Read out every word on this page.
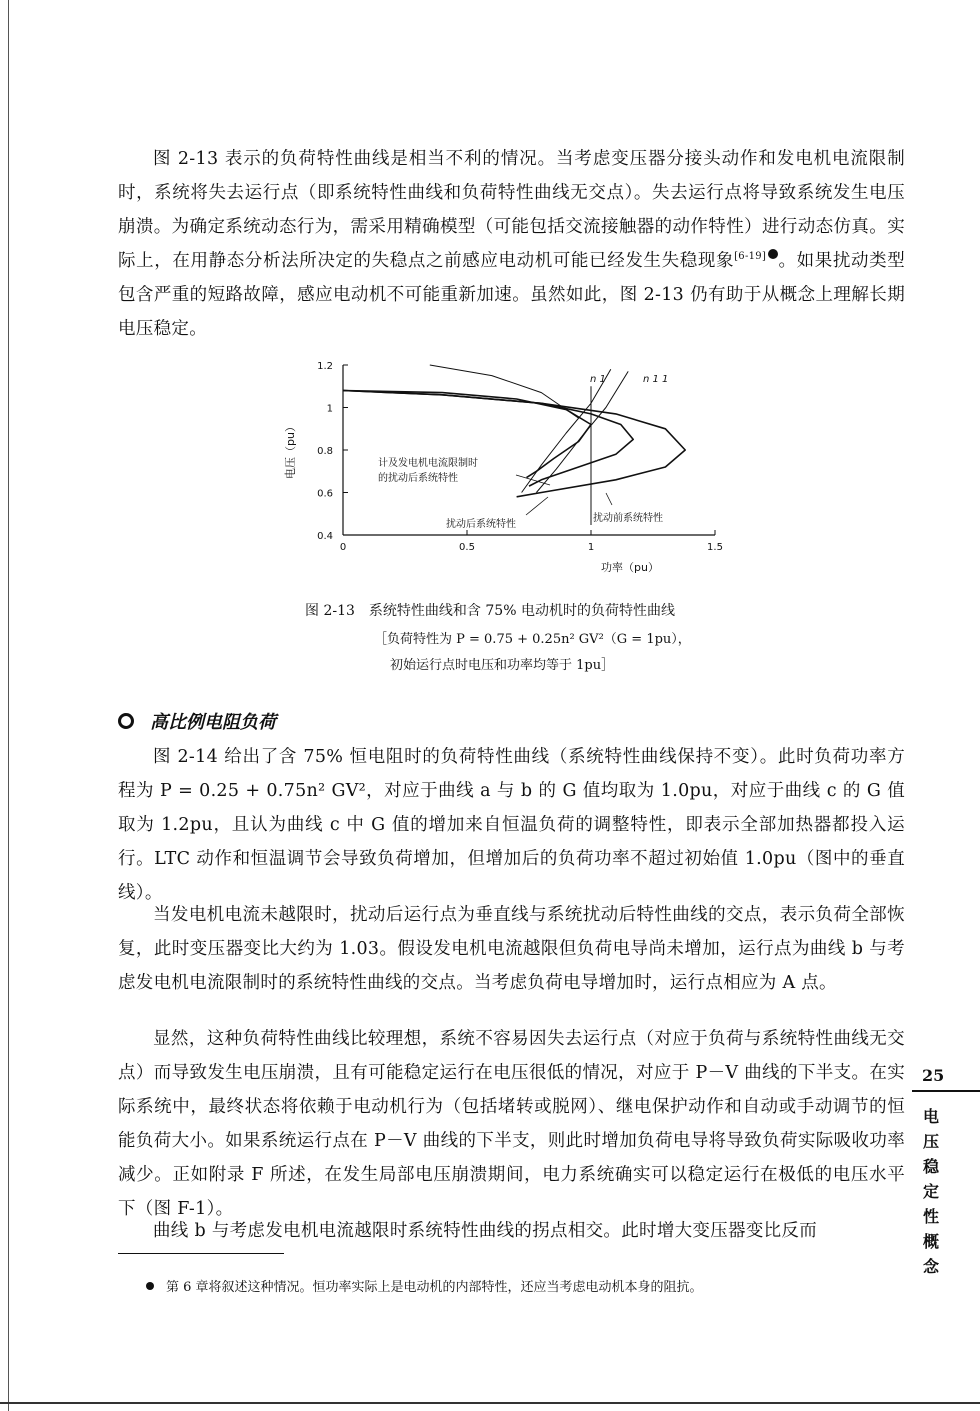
图 2-13 表示的负荷特性曲线是相当不利的情况。当考虑变压器分接头动作和发电机电流限制时，系统将失去运行点（即系统特性曲线和负荷特性曲线无交点）。失去运行点将导致系统发生电压崩溃。为确定系统动态行为，需采用精确模型（可能包括交流接触器的动作特性）进行动态仿真。实际上，在用静态分析法所决定的失稳点之前感应电动机可能已经发生失稳现象[6-19] 。如果扰动类型包含严重的短路故障，感应电动机不可能重新加速。虽然如此，图 2-13 仍有助于从概念上理解长期电压稳定。

0.4
0.6
0.8
1
1.2
0	0.5	1	1.5
电压（pu）
功率（pu）
计及发电机电流限制时
的扰动后系统特性
扰动后系统特性
扰动前系统特性
n 1	n 1 1

图 2-13　系统特性曲线和含 75% 电动机时的负荷特性曲线

［负荷特性为 P = 0.75 + 0.25n² GV²（G = 1pu），

初始运行点时电压和功率均等于 1pu］

高比例电阻负荷

图 2-14 给出了含 75% 恒电阻时的负荷特性曲线（系统特性曲线保持不变）。此时负荷功率方程为 P = 0.25 + 0.75n² GV²，对应于曲线 a 与 b 的 G 值均取为 1.0pu，对应于曲线 c 的 G 值取为 1.2pu，且认为曲线 c 中 G 值的增加来自恒温负荷的调整特性，即表示全部加热器都投入运行。LTC 动作和恒温调节会导致负荷增加，但增加后的负荷功率不超过初始值 1.0pu（图中的垂直线）。

当发电机电流未越限时，扰动后运行点为垂直线与系统扰动后特性曲线的交点，表示负荷全部恢复，此时变压器变比大约为 1.03。假设发电机电流越限但负荷电导尚未增加，运行点为曲线 b 与考虑发电机电流限制时的系统特性曲线的交点。当考虑负荷电导增加时，运行点相应为 A 点。

显然，这种负荷特性曲线比较理想，系统不容易因失去运行点（对应于负荷与系统特性曲线无交点）而导致发生电压崩溃，且有可能稳定运行在电压很低的情况，对应于 P－V 曲线的下半支。在实际系统中，最终状态将依赖于电动机行为（包括堵转或脱网）、继电保护动作和自动或手动调节的恒能负荷大小。如果系统运行点在 P－V 曲线的下半支，则此时增加负荷电导将导致负荷实际吸收功率减少。正如附录 F 所述，在发生局部电压崩溃期间，电力系统确实可以稳定运行在极低的电压水平下（图 F-1）。

曲线 b 与考虑发电机电流越限时系统特性曲线的拐点相交。此时增大变压器变比反而

25
电压稳定性概念
第 6 章将叙述这种情况。恒功率实际上是电动机的内部特性，还应当考虑电动机本身的阻抗。
